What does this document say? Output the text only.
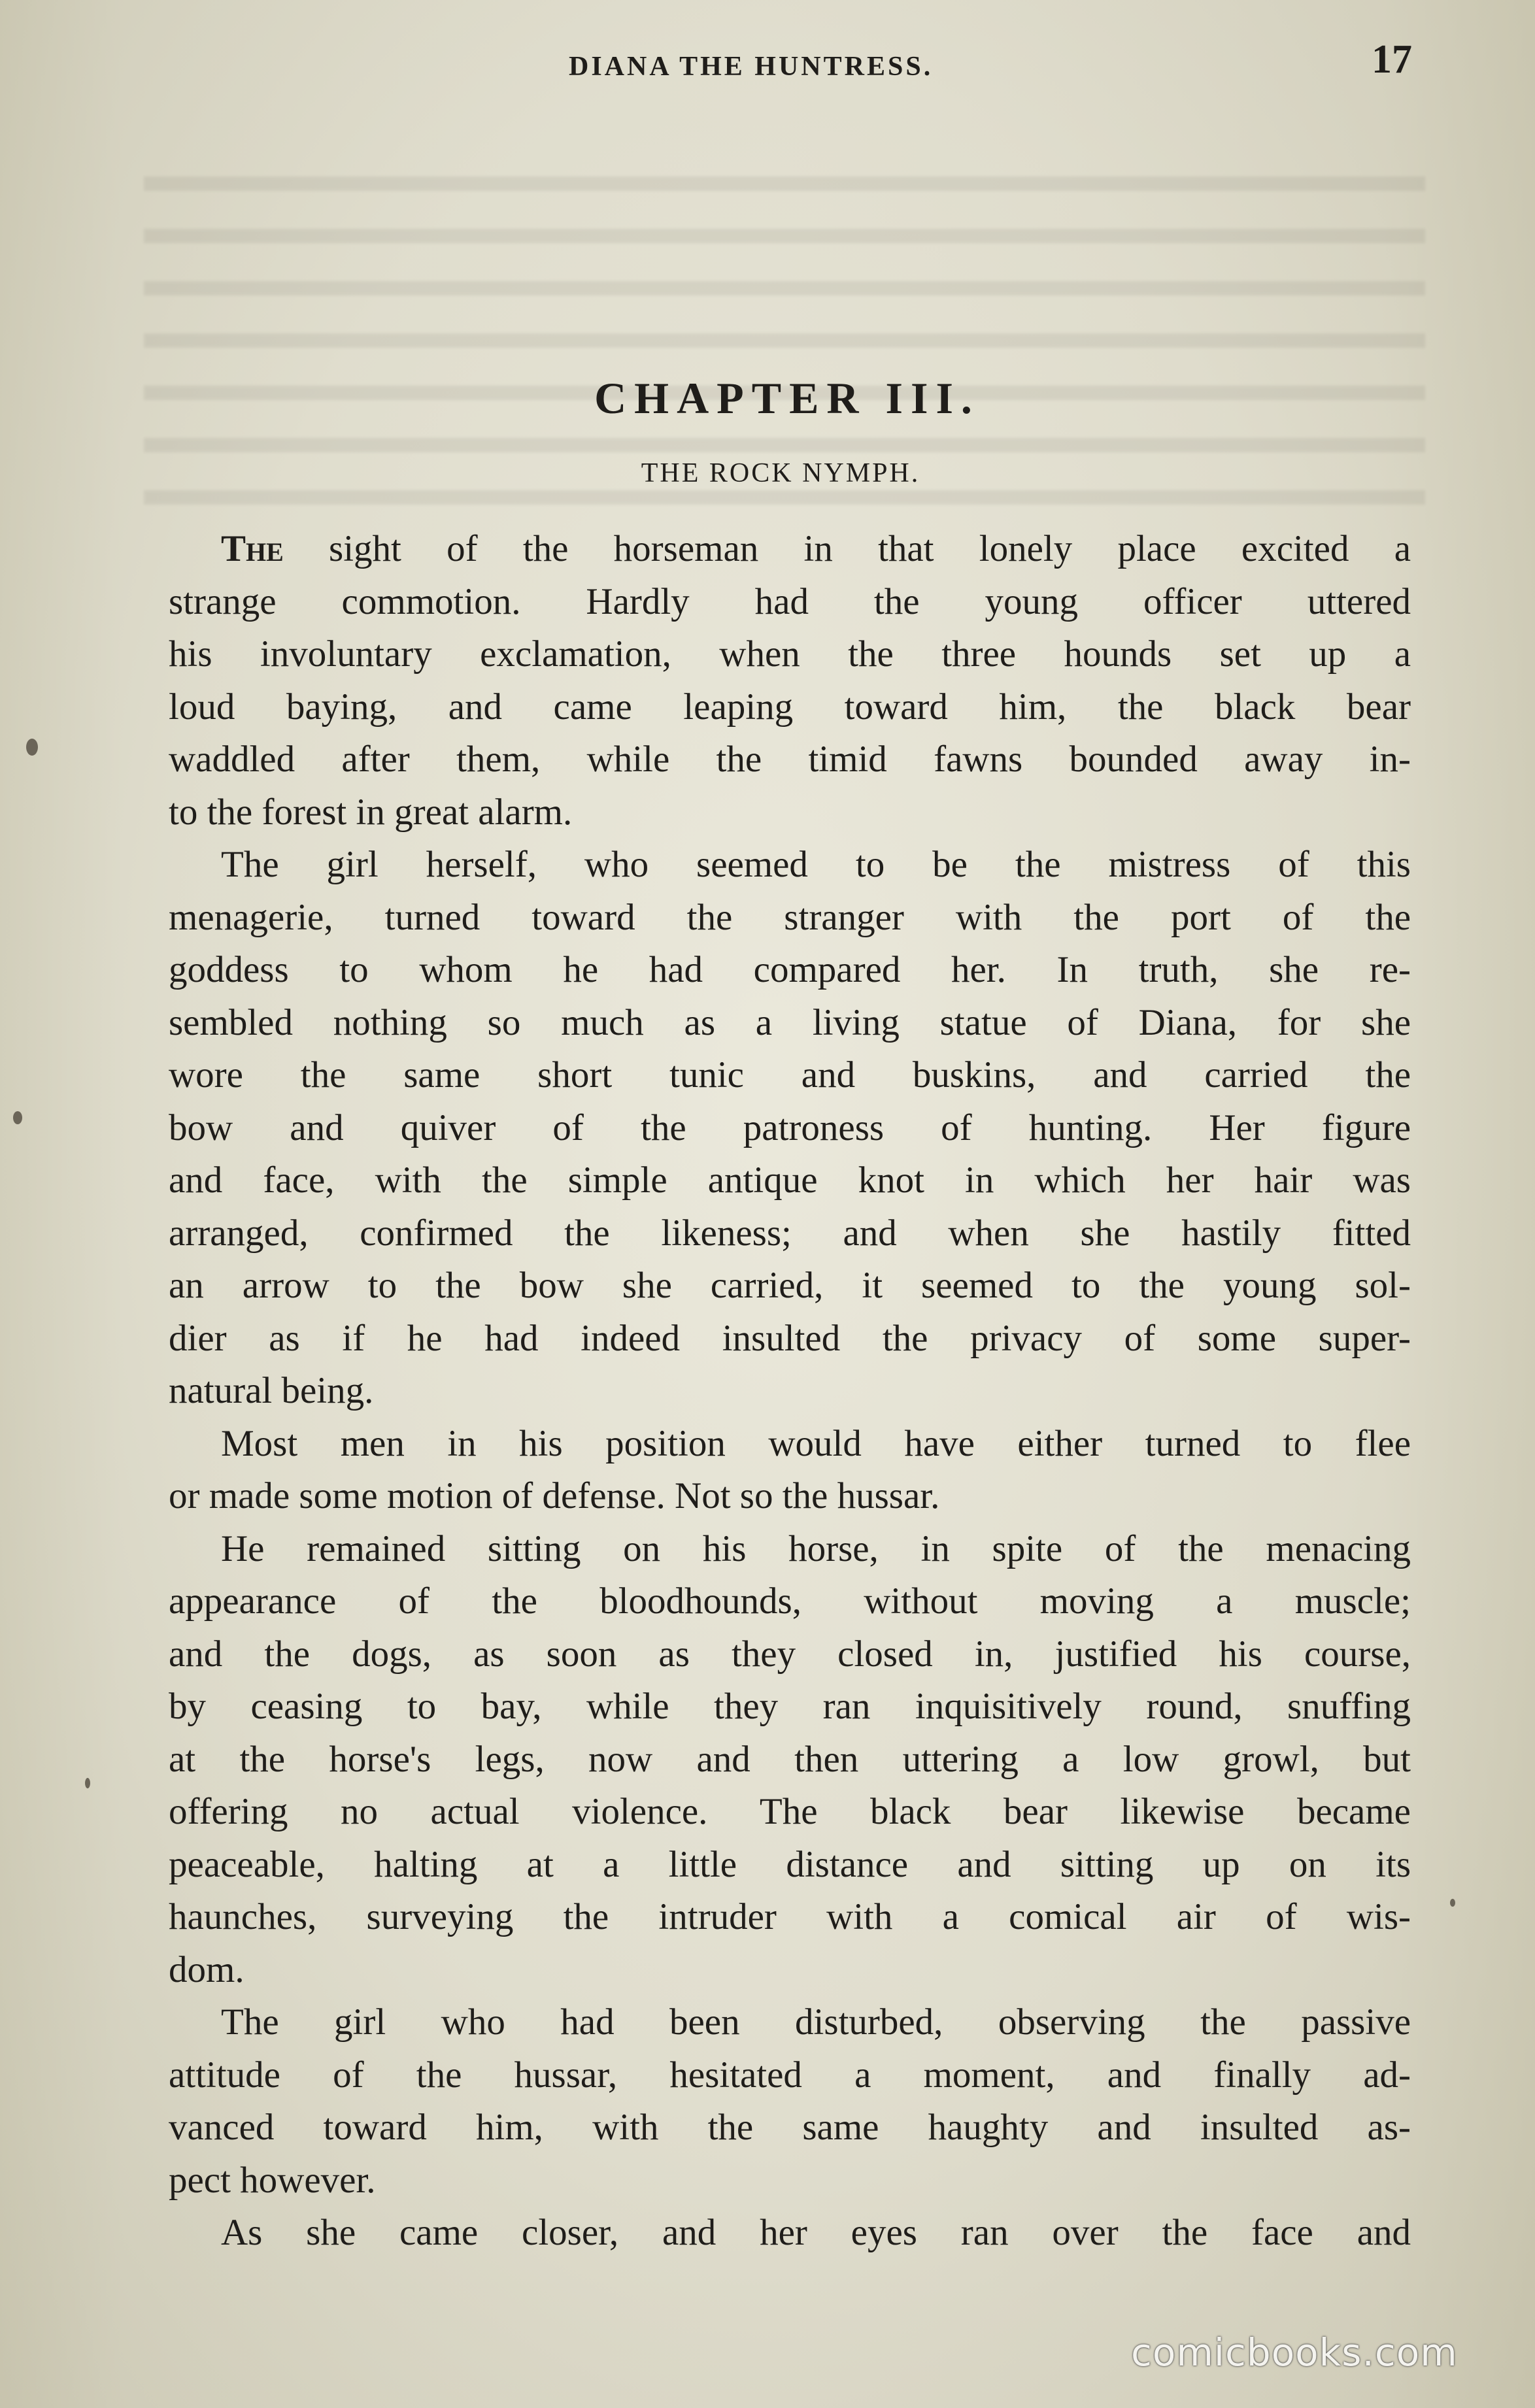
DIANA THE HUNTRESS.	17
CHAPTER III.
THE ROCK NYMPH.
The sight of the horseman in that lonely place excited a
strange commotion. Hardly had the young officer uttered
his involuntary exclamation, when the three hounds set up a
loud baying, and came leaping toward him, the black bear
waddled after them, while the timid fawns bounded away in-
to the forest in great alarm.
The girl herself, who seemed to be the mistress of this
menagerie, turned toward the stranger with the port of the
goddess to whom he had compared her. In truth, she re-
sembled nothing so much as a living statue of Diana, for she
wore the same short tunic and buskins, and carried the
bow and quiver of the patroness of hunting. Her figure
and face, with the simple antique knot in which her hair was
arranged, confirmed the likeness; and when she hastily fitted
an arrow to the bow she carried, it seemed to the young sol-
dier as if he had indeed insulted the privacy of some super-
natural being.
Most men in his position would have either turned to flee
or made some motion of defense. Not so the hussar.
He remained sitting on his horse, in spite of the menacing
appearance of the bloodhounds, without moving a muscle;
and the dogs, as soon as they closed in, justified his course,
by ceasing to bay, while they ran inquisitively round, snuffing
at the horse's legs, now and then uttering a low growl, but
offering no actual violence. The black bear likewise became
peaceable, halting at a little distance and sitting up on its
haunches, surveying the intruder with a comical air of wis-
dom.
The girl who had been disturbed, observing the passive
attitude of the hussar, hesitated a moment, and finally ad-
vanced toward him, with the same haughty and insulted as-
pect however.
As she came closer, and her eyes ran over the face and
comicbooks.com
